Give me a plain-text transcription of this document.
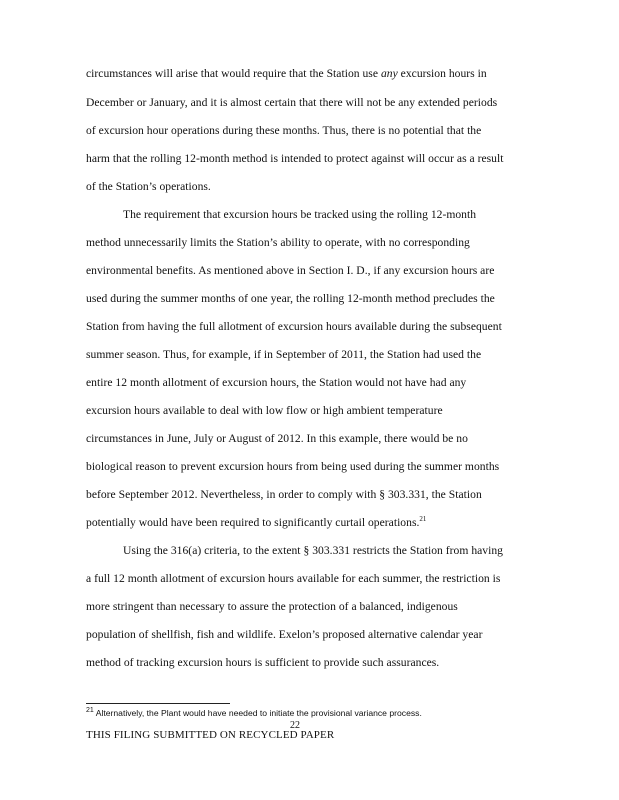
circumstances will arise that would require that the Station use any excursion hours in
December or January, and it is almost certain that there will not be any extended periods
of excursion hour operations during these months. Thus, there is no potential that the
harm that the rolling 12-month method is intended to protect against will occur as a result
of the Station’s operations.
The requirement that excursion hours be tracked using the rolling 12-month
method unnecessarily limits the Station’s ability to operate, with no corresponding
environmental benefits. As mentioned above in Section I. D., if any excursion hours are
used during the summer months of one year, the rolling 12-month method precludes the
Station from having the full allotment of excursion hours available during the subsequent
summer season. Thus, for example, if in September of 2011, the Station had used the
entire 12 month allotment of excursion hours, the Station would not have had any
excursion hours available to deal with low flow or high ambient temperature
circumstances in June, July or August of 2012. In this example, there would be no
biological reason to prevent excursion hours from being used during the summer months
before September 2012. Nevertheless, in order to comply with § 303.331, the Station
potentially would have been required to significantly curtail operations.$^{21}$
Using the 316(a) criteria, to the extent § 303.331 restricts the Station from having
a full 12 month allotment of excursion hours available for each summer, the restriction is
more stringent than necessary to assure the protection of a balanced, indigenous
population of shellfish, fish and wildlife. Exelon’s proposed alternative calendar year
method of tracking excursion hours is sufficient to provide such assurances.
$^{21}$ Alternatively, the Plant would have needed to initiate the provisional variance process.
22
THIS FILING SUBMITTED ON RECYCLED PAPER
